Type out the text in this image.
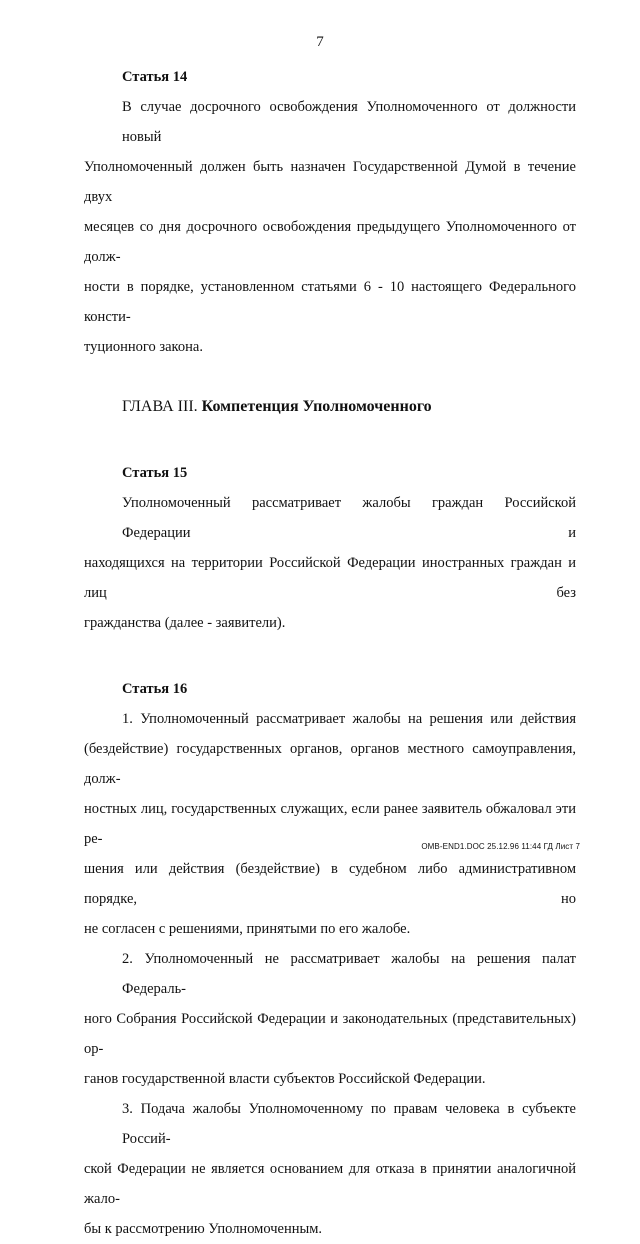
7
Статья 14
В случае досрочного освобождения Уполномоченного от должности новый
Уполномоченный должен быть назначен Государственной Думой в течение двух
месяцев со дня досрочного освобождения предыдущего Уполномоченного от долж-
ности в порядке, установленном статьями 6 - 10 настоящего Федерального консти-
туционного закона.
ГЛАВА III. Компетенция Уполномоченного
Статья 15
Уполномоченный рассматривает жалобы граждан Российской Федерации и
находящихся на территории Российской Федерации иностранных граждан и лиц без
гражданства (далее - заявители).
Статья 16
1. Уполномоченный рассматривает жалобы на решения или действия
(бездействие) государственных органов, органов местного самоуправления, долж-
ностных лиц, государственных служащих, если ранее заявитель обжаловал эти ре-
шения или действия (бездействие) в судебном либо административном порядке, но
не согласен с решениями, принятыми по его жалобе.
2. Уполномоченный не рассматривает жалобы на решения палат Федераль-
ного Собрания Российской Федерации и законодательных (представительных) ор-
ганов государственной власти субъектов Российской Федерации.
3. Подача жалобы Уполномоченному по правам человека в субъекте Россий-
ской Федерации не является основанием для отказа в принятии аналогичной жало-
бы к рассмотрению Уполномоченным.
OMB-END1.DOC 25.12.96 11:44 ГД Лист 7
